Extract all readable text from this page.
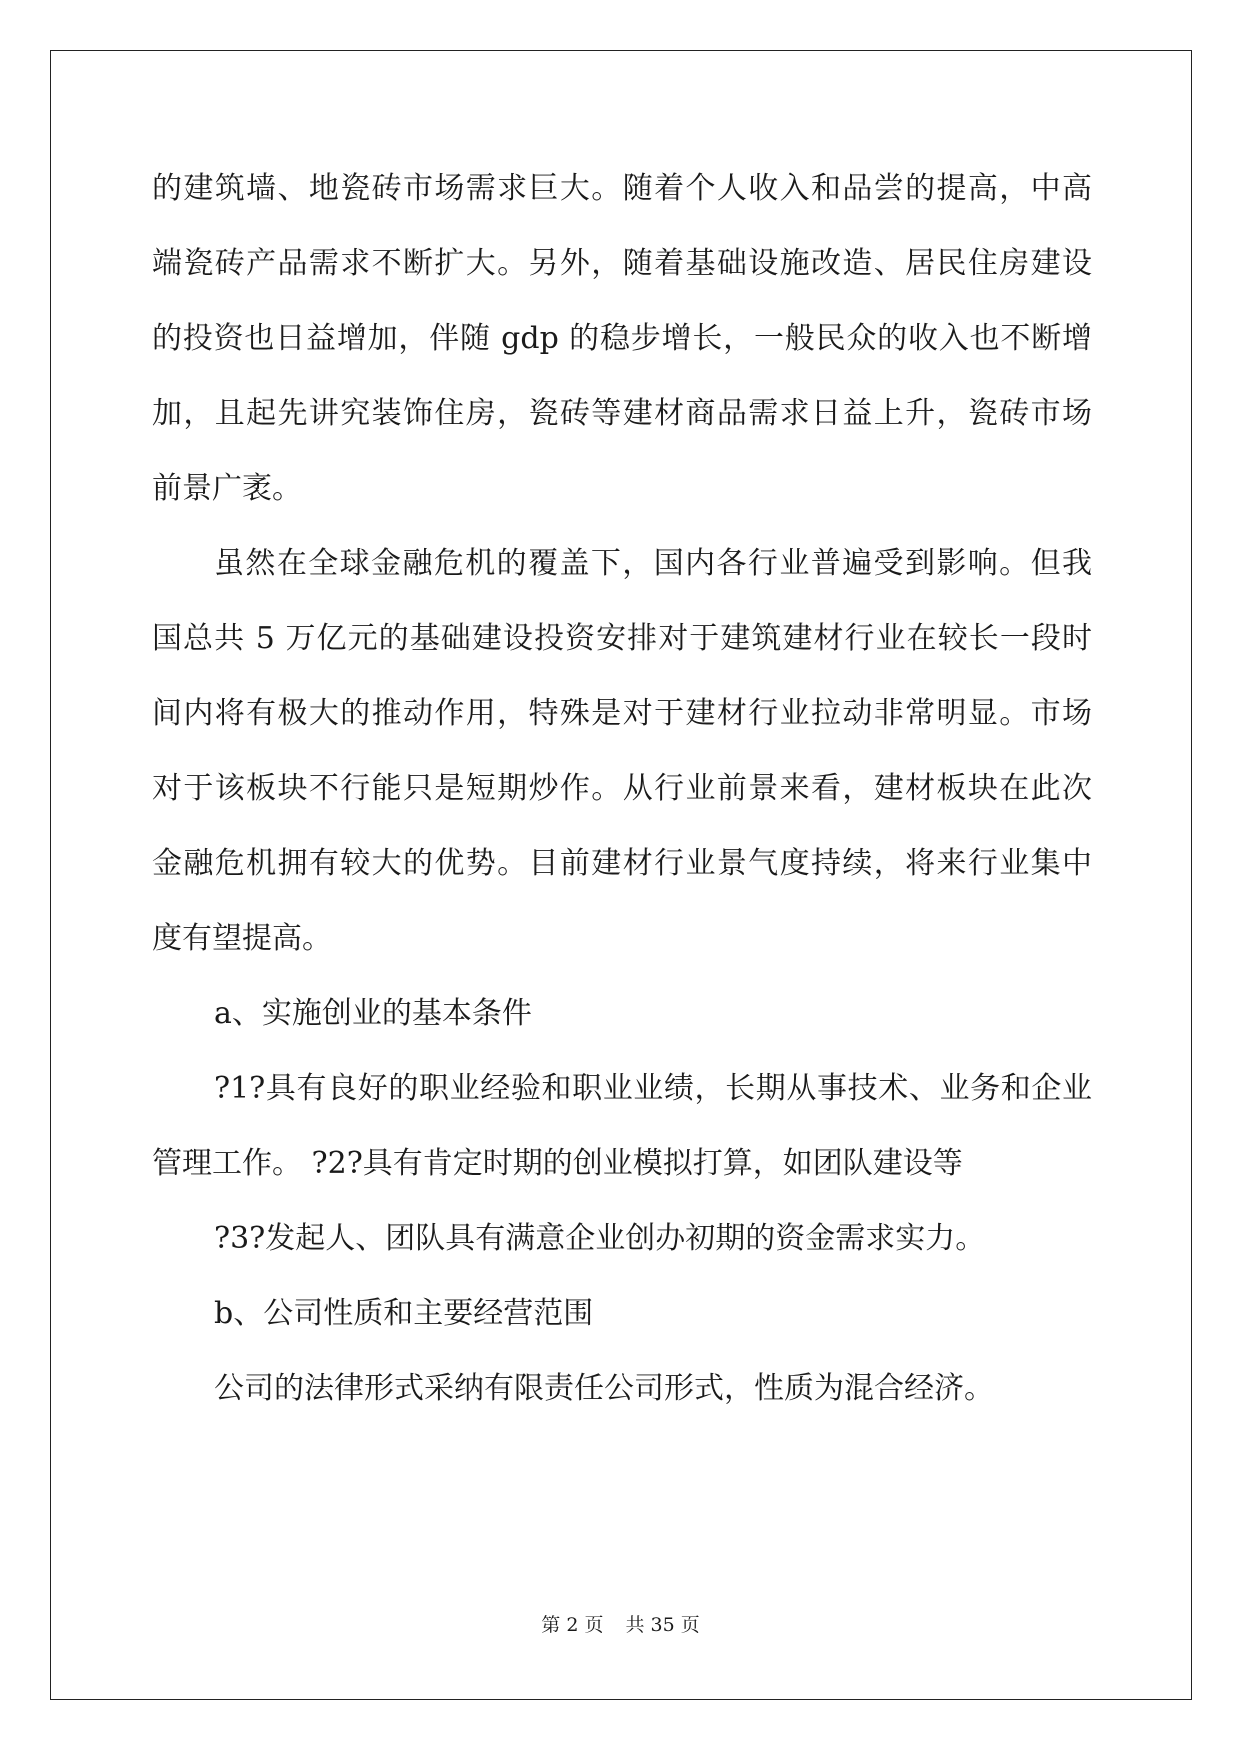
的建筑墙、地瓷砖市场需求巨大。随着个人收入和品尝的提高，中高
端瓷砖产品需求不断扩大。另外，随着基础设施改造、居民住房建设
的投资也日益增加，伴随 gdp 的稳步增长，一般民众的收入也不断增
加，且起先讲究装饰住房，瓷砖等建材商品需求日益上升，瓷砖市场
前景广袤。
虽然在全球金融危机的覆盖下，国内各行业普遍受到影响。但我
国总共 5 万亿元的基础建设投资安排对于建筑建材行业在较长一段时
间内将有极大的推动作用，特殊是对于建材行业拉动非常明显。市场
对于该板块不行能只是短期炒作。从行业前景来看，建材板块在此次
金融危机拥有较大的优势。目前建材行业景气度持续，将来行业集中
度有望提高。
a、实施创业的基本条件
?1?具有良好的职业经验和职业业绩，长期从事技术、业务和企业
管理工作。 ?2?具有肯定时期的创业模拟打算，如团队建设等
?3?发起人、团队具有满意企业创办初期的资金需求实力。
b、公司性质和主要经营范围
公司的法律形式采纳有限责任公司形式，性质为混合经济。
第 2 页 共 35 页
